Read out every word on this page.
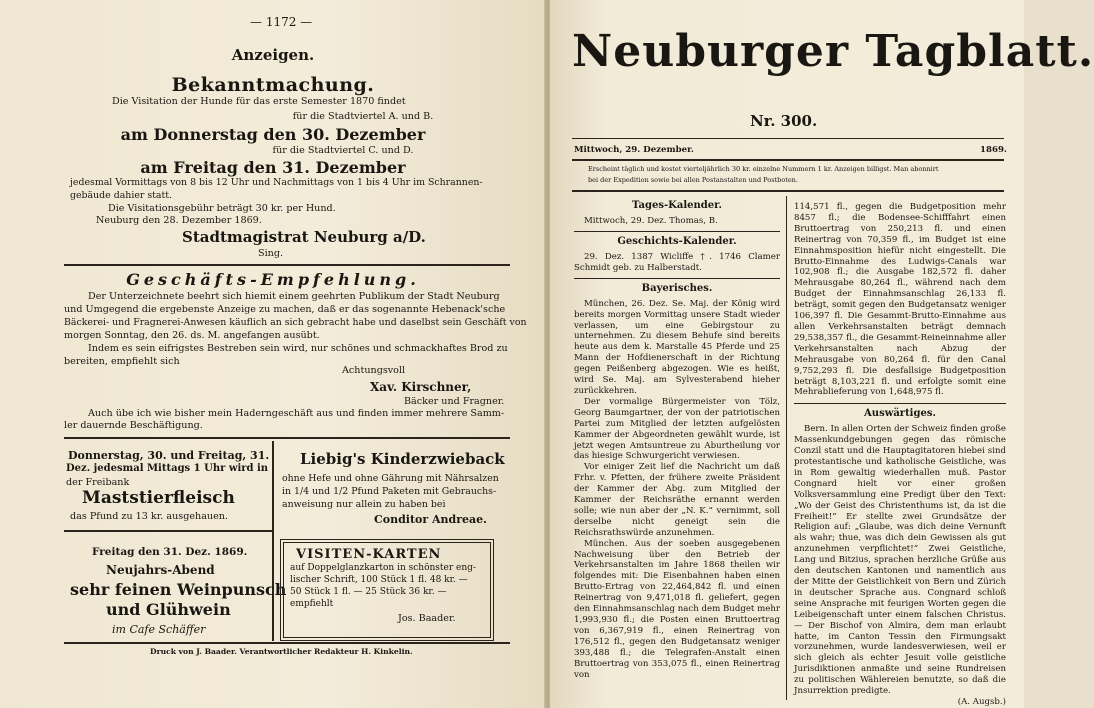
— 1172 —
Anzeigen.
Bekanntmachung.
Die Visitation der Hunde für das erste Semester 1870 findet
für die Stadtviertel A. und B.
am Donnerstag den 30. Dezember
für die Stadtviertel C. und D.
am Freitag den 31. Dezember
jedesmal Vormittags von 8 bis 12 Uhr und Nachmittags von 1 bis 4 Uhr im Schrannen-
gebäude dahier statt.
Die Visitationsgebühr beträgt 30 kr. per Hund.
Neuburg den 28. Dezember 1869.
Stadtmagistrat Neuburg a/D.
Sing.
Geschäfts-Empfehlung.
Der Unterzeichnete beehrt sich hiemit einem geehrten Publikum der Stadt Neuburg
und Umgegend die ergebenste Anzeige zu machen, daß er das sogenannte Hebenack'sche
Bäckerei- und Fragnerei-Anwesen käuflich an sich gebracht habe und daselbst sein Geschäft von
morgen Sonntag, den 26. ds. M. angefangen ausübt.
Indem es sein eifrigstes Bestreben sein wird, nur schönes und schmackhaftes Brod zu
bereiten, empfiehlt sich
Achtungsvoll
Xav. Kirschner,
Bäcker und Fragner.
Auch übe ich wie bisher mein Haderngeschäft aus und finden immer mehrere Samm-
ler dauernde Beschäftigung.
Donnerstag, 30. und Freitag, 31.
Dez. jedesmal Mittags 1 Uhr wird in
der Freibank
Maststierfleisch
das Pfund zu 13 kr. ausgehauen.
Freitag den 31. Dez. 1869.
Neujahrs-Abend
sehr feinen Weinpunsch
und Glühwein
im Cafe Schäffer
Liebig's Kinderzwieback
ohne Hefe und ohne Gährung mit Nährsalzen
in 1/4 und 1/2 Pfund Paketen mit Gebrauchs-
anweisung nur allein zu haben bei
Conditor Andreae.
VISITEN-KARTEN
auf Doppelglanzkarton in schönster eng-
lischer Schrift, 100 Stück 1 fl. 48 kr. —
50 Stück 1 fl. — 25 Stück 36 kr. —
empfiehlt
Jos. Baader.
Druck von J. Baader. Verantwortlicher Redakteur H. Kinkelin.
Neuburger Tagblatt.
Nr. 300.
Mittwoch, 29. Dezember.	1869.
Erscheint täglich und kostet vierteljährlich 30 kr. einzelne Nummern 1 kr. Anzeigen billigst. Man abonnirt
bei der Expedition sowie bei allen Postanstalten und Postboten.
Tages-Kalender.

Mittwoch, 29. Dez. Thomas, B.

Geschichts-Kalender.

29. Dez. 1387 Wicliffe †. 1746 Clamer Schmidt geb. zu Halberstadt.

Bayerisches.

München, 26. Dez. Se. Maj. der König wird bereits morgen Vormittag unsere Stadt wieder verlassen, um eine Gebirgstour zu unternehmen. Zu diesem Behufe sind bereits heute aus dem k. Marstalle 45 Pferde und 25 Mann der Hofdienerschaft in der Richtung gegen Peißenberg abgezogen. Wie es heißt, wird Se. Maj. am Sylvesterabend hieher zurückkehren.

Der vormalige Bürgermeister von Tölz, Georg Baumgartner, der von der patriotischen Partei zum Mitglied der letzten aufgelösten Kammer der Abgeordneten gewählt wurde, ist jetzt wegen Amtsuntreue zu Aburtheilung vor das hiesige Schwurgericht verwiesen.

Vor einiger Zeit lief die Nachricht um daß Frhr. v. Pfetten, der frühere zweite Präsident der Kammer der Abg. zum Mitglied der Kammer der Reichsräthe ernannt werden solle; wie nun aber der „N. K.“ vernimmt, soll derselbe nicht geneigt sein die Reichsrathswürde anzunehmen.

München. Aus der soeben ausgegebenen Nachweisung über den Betrieb der Verkehrsanstalten im Jahre 1868 theilen wir folgendes mit: Die Eisenbahnen haben einen Brutto-Ertrag von 22,464,842 fl. und einen Reinertrag von 9,471,018 fl. geliefert, gegen den Einnahmsanschlag nach dem Budget mehr 1,993,930 fl.; die Posten einen Bruttoertrag von 6,367,919 fl., einen Reinertrag von 176,512 fl., gegen den Budgetansatz weniger 393,488 fl.; die Telegrafen-Anstalt einen Bruttoertrag von 353,075 fl., einen Reinertrag von

114,571 fl., gegen die Budgetposition mehr 8457 fl.; die Bodensee-Schifffahrt einen Bruttoertrag von 250,213 fl. und einen Reinertrag von 70,359 fl., im Budget ist eine Einnahmsposition hiefür nicht eingestellt. Die Brutto-Einnahme des Ludwigs-Canals war 102,908 fl.; die Ausgabe 182,572 fl. daher Mehrausgabe 80,264 fl., während nach dem Budget der Einnahmsanschlag 26,133 fl. beträgt, somit gegen den Budgetansatz weniger 106,397 fl. Die Gesammt-Brutto-Einnahme aus allen Verkehrsanstalten beträgt demnach 29,538,357 fl., die Gesammt-Reineinnahme aller Verkehrsanstalten nach Abzug der Mehrausgabe von 80,264 fl. für den Canal 9,752,293 fl. Die desfallsige Budgetposition beträgt 8,103,221 fl. und erfolgte somit eine Mehrablieferung von 1,648,975 fl.

Auswärtiges.

Bern. In allen Orten der Schweiz finden große Massenkundgebungen gegen das römische Conzil statt und die Hauptagitatoren hiebei sind protestantische und katholische Geistliche, was in Rom gewaltig wiederhallen muß. Pastor Congnard hielt vor einer großen Volksversammlung eine Predigt über den Text: „Wo der Geist des Christenthums ist, da ist die Freiheit!“ Er stellte zwei Grundsätze der Religion auf: „Glaube, was dich deine Vernunft als wahr; thue, was dich dein Gewissen als gut anzunehmen verpflichtet!“ Zwei Geistliche, Lang und Bitzius, sprachen herzliche Grüße aus den deutschen Kantonen und namentlich aus der Mitte der Geistlichkeit von Bern und Zürich in deutscher Sprache aus. Congnard schloß seine Ansprache mit feurigen Worten gegen die Leibeigenschaft unter einem falschen Christus. — Der Bischof von Almira, dem man erlaubt hatte, im Canton Tessin den Firmungsakt vorzunehmen, wurde landesverwiesen, weil er sich gleich als echter Jesuit volle geistliche Jurisdiktionen anmaßte und seine Rundreisen zu politischen Wählereien benutzte, so daß die Jnsurrektion predigte.

(A. Augsb.)
